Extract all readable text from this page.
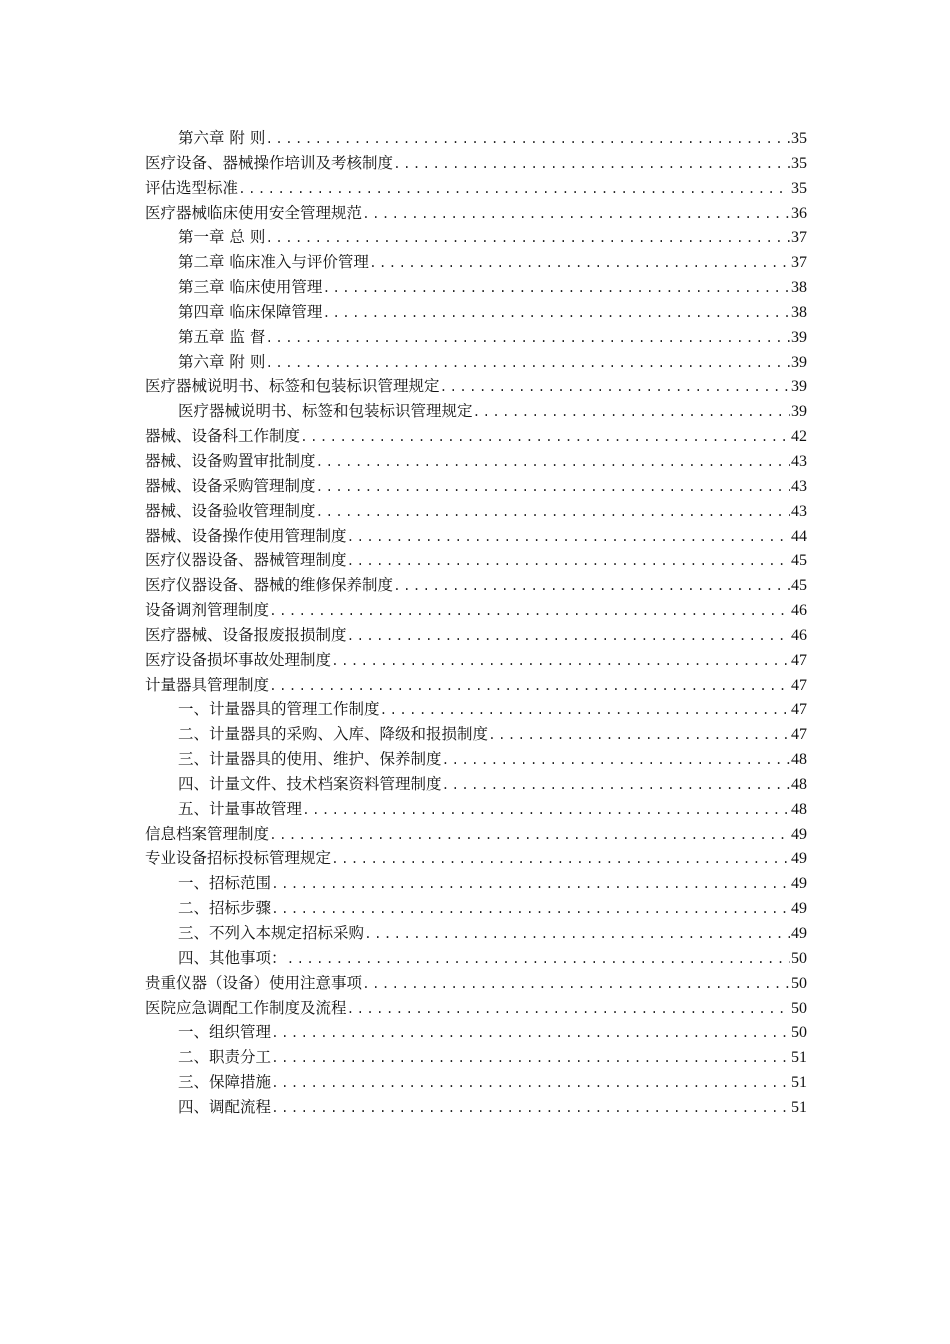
第六章 附 则 .....	35
医疗设备、器械操作培训及考核制度 .....	35
评估选型标准 .....	35
医疗器械临床使用安全管理规范 .....	36
第一章 总 则 .....	37
第二章 临床准入与评价管理 .....	37
第三章 临床使用管理 .....	38
第四章 临床保障管理 .....	38
第五章 监 督 .....	39
第六章 附 则 .....	39
医疗器械说明书、标签和包装标识管理规定 .....	39
医疗器械说明书、标签和包装标识管理规定 .....	39
器械、设备科工作制度 .....	42
器械、设备购置审批制度 .....	43
器械、设备采购管理制度 .....	43
器械、设备验收管理制度 .....	43
器械、设备操作使用管理制度 .....	44
医疗仪器设备、器械管理制度 .....	45
医疗仪器设备、器械的维修保养制度 .....	45
设备调剂管理制度 .....	46
医疗器械、设备报废报损制度 .....	46
医疗设备损坏事故处理制度 .....	47
计量器具管理制度 .....	47
一、计量器具的管理工作制度 .....	47
二、计量器具的采购、入库、降级和报损制度 .....	47
三、计量器具的使用、维护、保养制度 .....	48
四、计量文件、技术档案资料管理制度 .....	48
五、计量事故管理 .....	48
信息档案管理制度 .....	49
专业设备招标投标管理规定 .....	49
一、招标范围 .....	49
二、招标步骤 .....	49
三、不列入本规定招标采购 .....	49
四、其他事项： .....	50
贵重仪器（设备）使用注意事项 .....	50
医院应急调配工作制度及流程 .....	50
一、组织管理 .....	50
二、职责分工 .....	51
三、保障措施 .....	51
四、调配流程 .....	51
